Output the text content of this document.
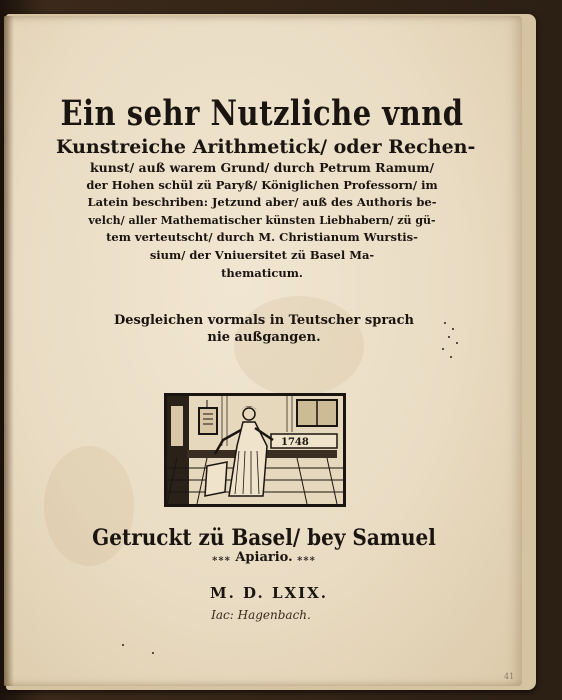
Ein sehr Nutzliche vnnd
Kunstreiche Arithmetick/ oder Rechen-
kunst/ auß warem Grund/ durch Petrum Ramum/
der Hohen schül zü Paryß/ Königlichen Professorn/ im
Latein beschriben: Jetzund aber/ auß des Authoris be-
velch/ aller Mathematischer künsten Liebhabern/ zü gü-
tem verteutscht/ durch M. Christianum Wurstis-
sium/ der Vniuersitet zü Basel Ma-
thematicum.
Desgleichen vormals in Teutscher sprach
nie außgangen.
1748
Getruckt zü Basel/ bey Samuel
⁎⁎⁎ Apiario. ⁎⁎⁎
M. D. LXIX.
Iac: Hagenbach.
41
